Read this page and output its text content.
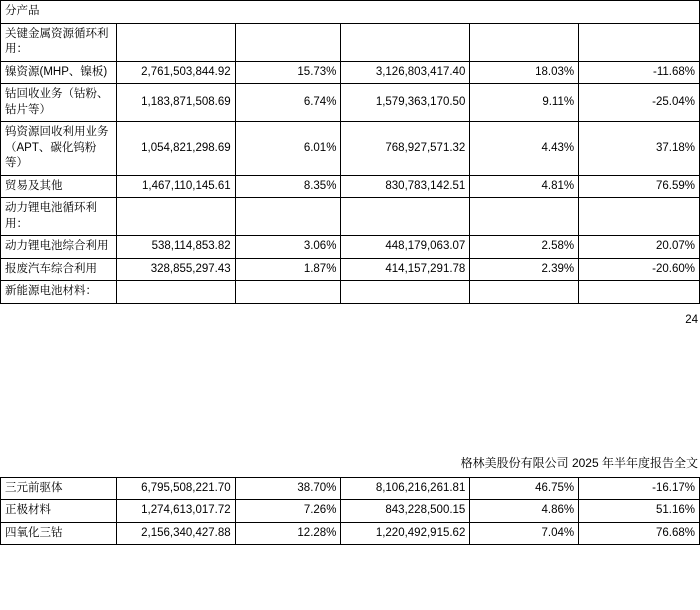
分产品					
关键金属资源循环利用：					
镍资源(MHP、镍板)	2,761,503,844.92	15.73%	3,126,803,417.40	18.03%	-11.68%
钴回收业务（钴粉、钴片等）	1,183,871,508.69	6.74%	1,579,363,170.50	9.11%	-25.04%
钨资源回收利用业务（APT、碳化钨粉等）	1,054,821,298.69	6.01%	768,927,571.32	4.43%	37.18%
贸易及其他	1,467,110,145.61	8.35%	830,783,142.51	4.81%	76.59%
动力锂电池循环利用：					
动力锂电池综合利用	538,114,853.82	3.06%	448,179,063.07	2.58%	20.07%
报废汽车综合利用	328,855,297.43	1.87%	414,157,291.78	2.39%	-20.60%
新能源电池材料：					
24
格林美股份有限公司 2025 年半年度报告全文
三元前驱体	6,795,508,221.70	38.70%	8,106,216,261.81	46.75%	-16.17%
正极材料	1,274,613,017.72	7.26%	843,228,500.15	4.86%	51.16%
四氧化三钴	2,156,340,427.88	12.28%	1,220,492,915.62	7.04%	76.68%
